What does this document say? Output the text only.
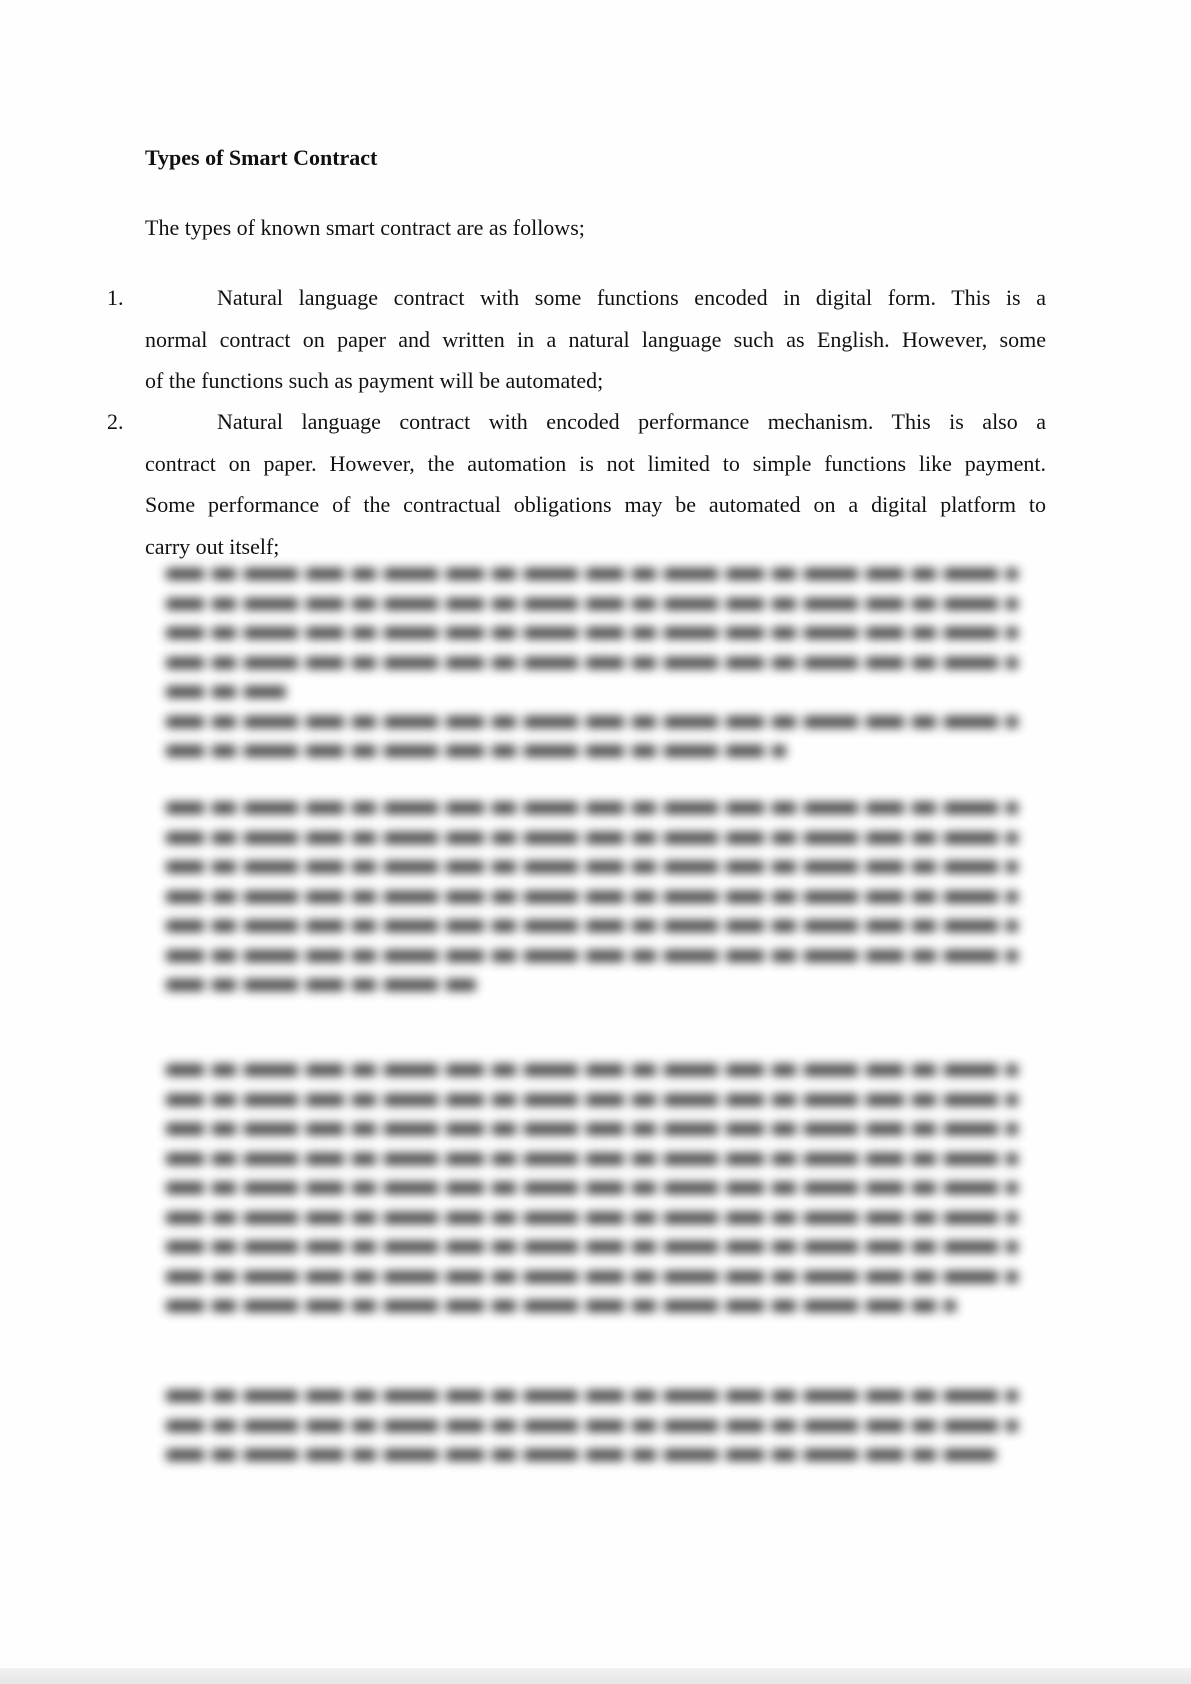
Types of Smart Contract
The types of known smart contract are as follows;
1.	Natural language contract with some functions encoded in digital form. This is a
normal contract on paper and written in a natural language such as English. However, some
of the functions such as payment will be automated;
2.	Natural language contract with encoded performance mechanism. This is also a
contract on paper. However, the automation is not limited to simple functions like payment.
Some performance of the contractual obligations may be automated on a digital platform to
carry out itself;
